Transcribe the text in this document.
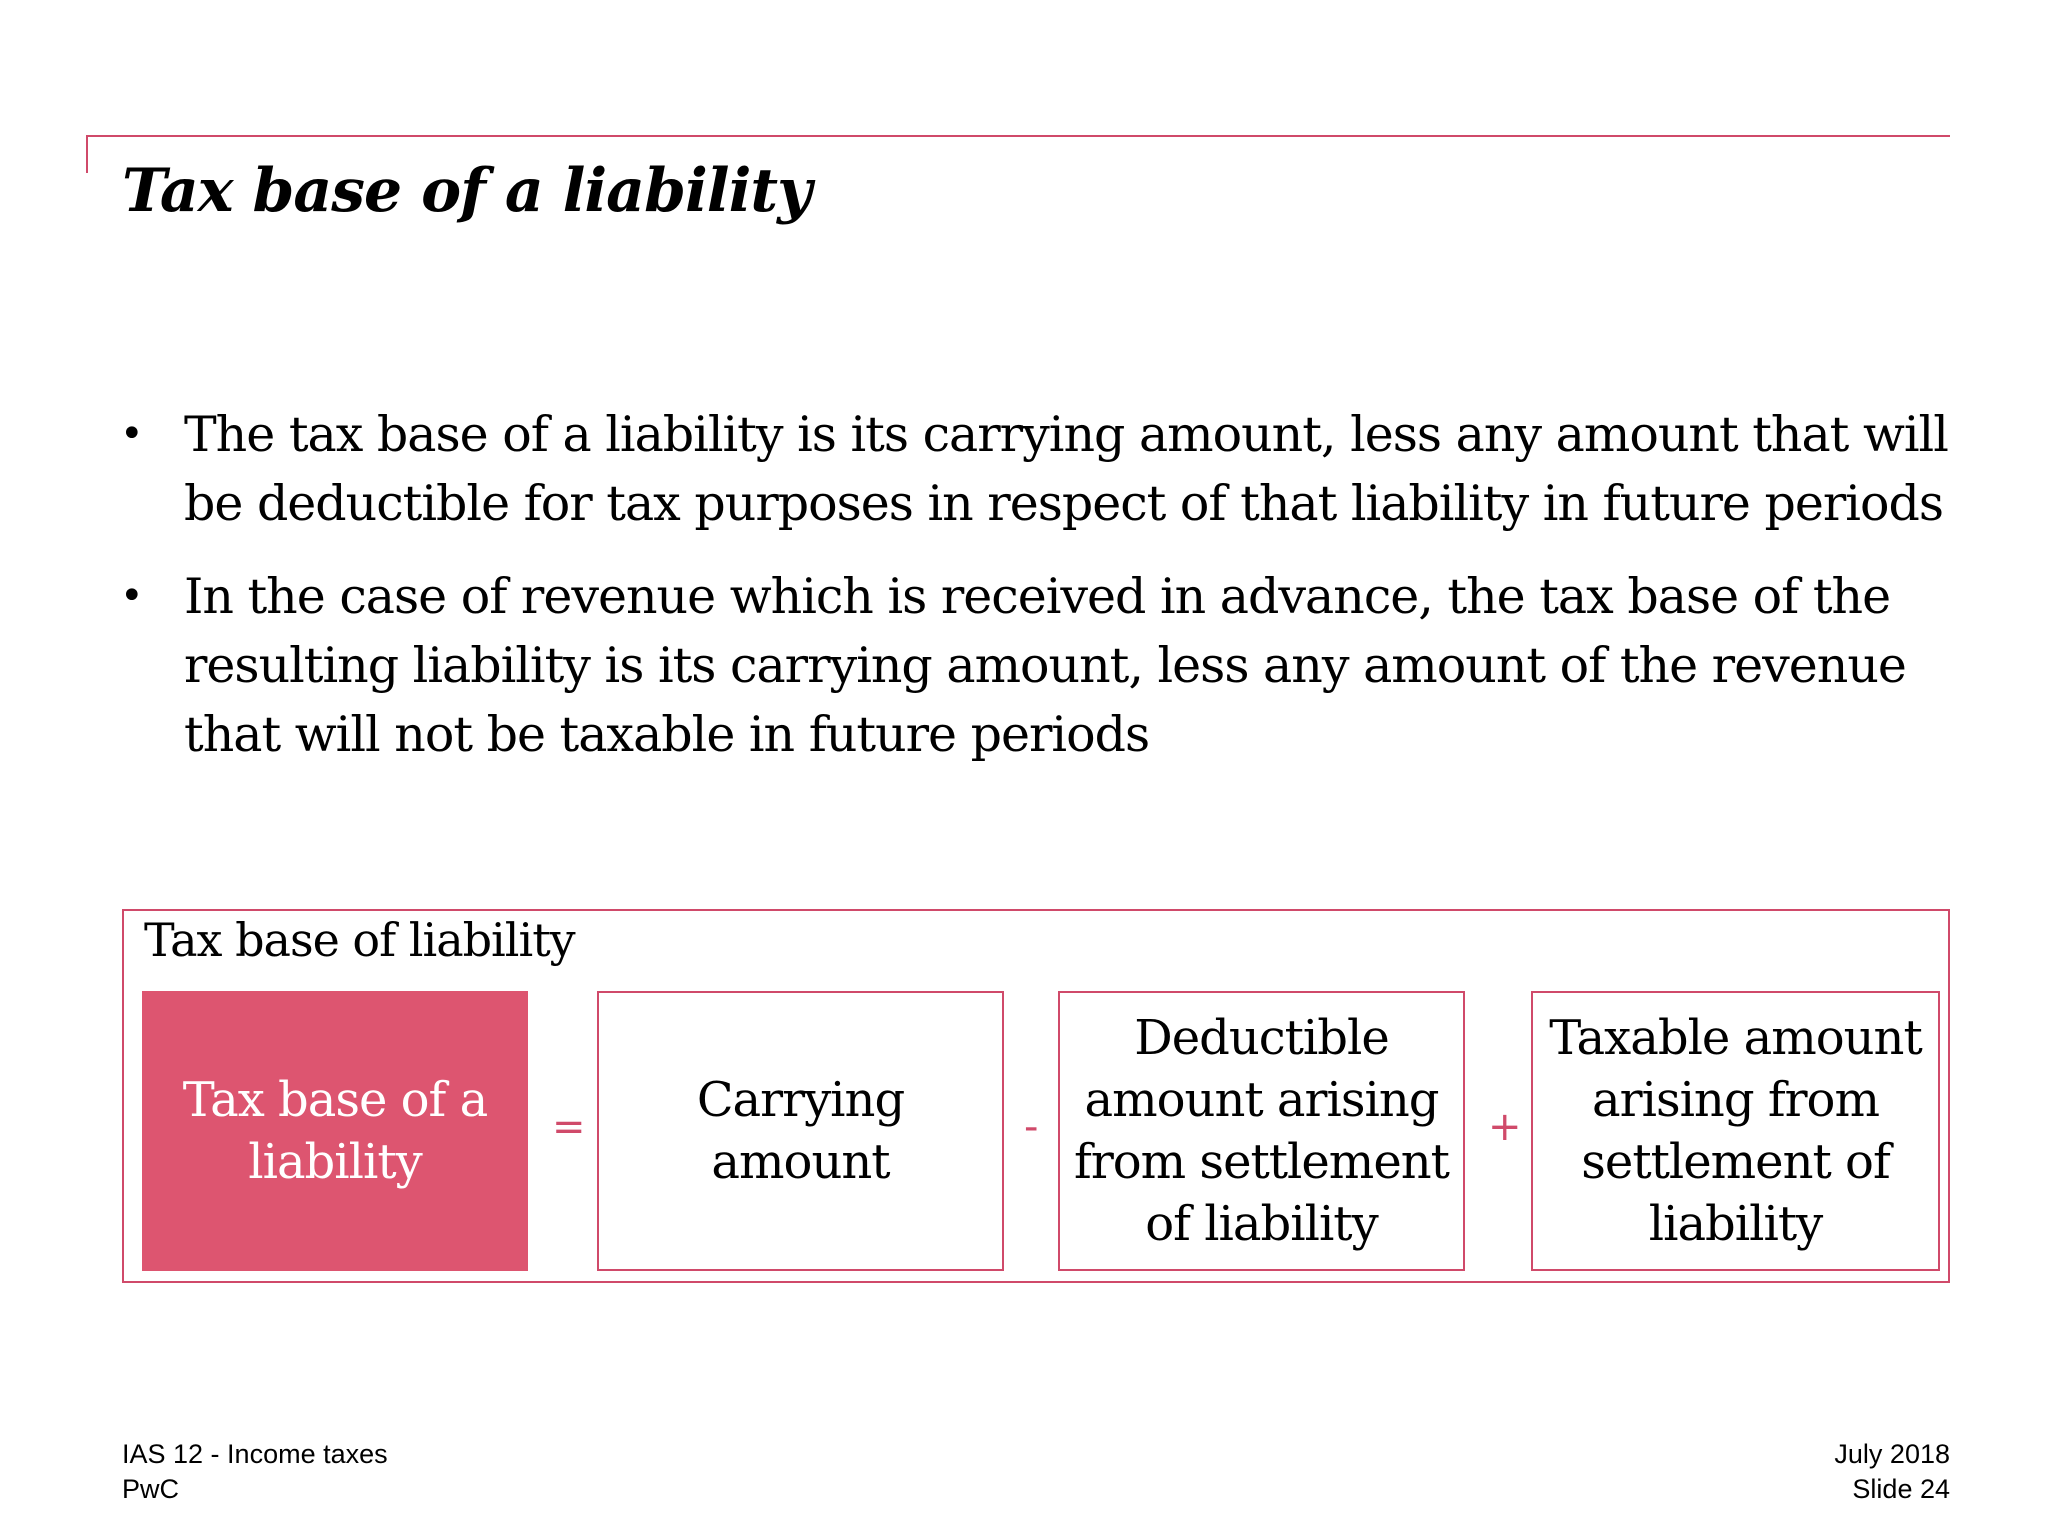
Tax base of a liability
• The tax base of a liability is its carrying amount, less any amount that will be deductible for tax purposes in respect of that liability in future periods
• In the case of revenue which is received in advance, the tax base of the resulting liability is its carrying amount, less any amount of the revenue that will not be taxable in future periods
Tax base of liability
Tax base of a liability
=	Carrying amount
-
Deductible amount arising from settlement of liability
+
Taxable amount arising from settlement of liability
IAS 12 - Income taxes
PwC
July 2018
Slide 24
